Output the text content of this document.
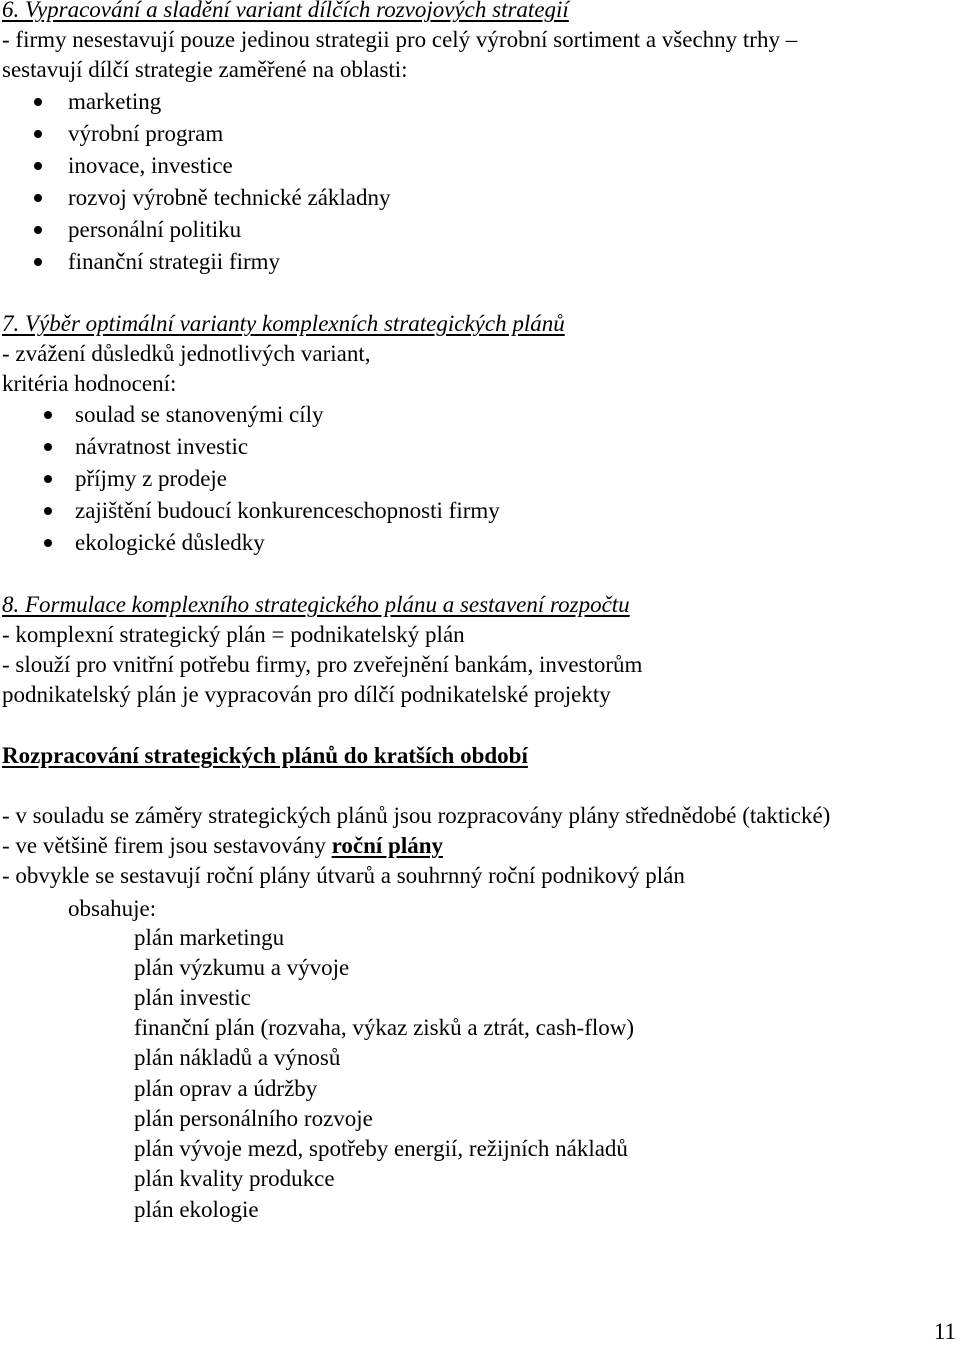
6. Vypracování a sladění variant dílčích rozvojových strategií
- firmy nesestavují pouze jedinou strategii pro celý výrobní sortiment a všechny trhy –
sestavují dílčí strategie zaměřené na oblasti:
marketing
výrobní program
inovace, investice
rozvoj výrobně technické základny
personální politiku
finanční strategii firmy
7. Výběr optimální varianty komplexních strategických plánů
- zvážení důsledků jednotlivých variant,
kritéria hodnocení:
soulad se stanovenými cíly
návratnost investic
příjmy z prodeje
zajištění budoucí konkurenceschopnosti firmy
ekologické důsledky
8. Formulace komplexního strategického plánu a sestavení rozpočtu
- komplexní strategický plán = podnikatelský plán
- slouží pro vnitřní potřebu firmy, pro zveřejnění bankám, investorům
podnikatelský plán je vypracován pro dílčí podnikatelské projekty
Rozpracování strategických plánů do kratších období
- v souladu se záměry strategických plánů jsou rozpracovány plány střednědobé (taktické)
- ve většině firem jsou sestavovány roční plány
- obvykle se sestavují roční plány útvarů a souhrnný roční podnikový plán
obsahuje:
plán marketingu
plán výzkumu a vývoje
plán investic
finanční plán (rozvaha, výkaz zisků a ztrát, cash-flow)
plán nákladů a výnosů
plán oprav a údržby
plán personálního rozvoje
plán vývoje mezd, spotřeby energií, režijních nákladů
plán kvality produkce
plán ekologie
11
